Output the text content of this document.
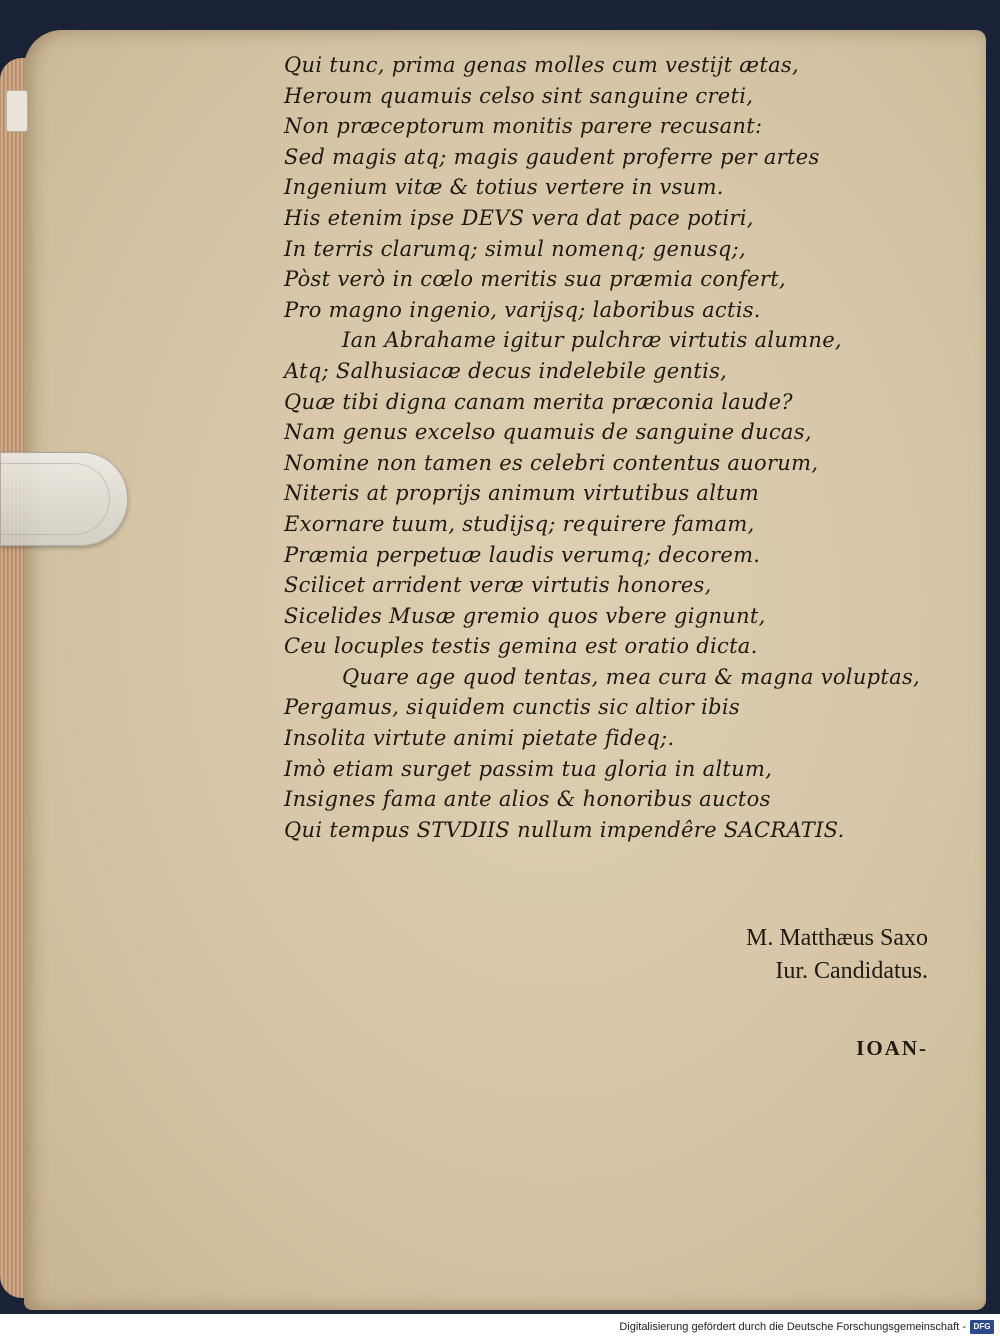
Qui tunc, prima genas molles cum vestijt ætas,
Heroum quamuis celso sint sanguine creti,
Non præceptorum monitis parere recusant:
Sed magis atq; magis gaudent proferre per artes
Ingenium vitæ & totius vertere in vsum.
His etenim ipse DEVS vera dat pace potiri,
In terris clarumq; simul nomenq; genusq;,
Pòst verò in cœlo meritis sua præmia confert,
Pro magno ingenio, varijsq; laboribus actis.
Ian Abrahame igitur pulchræ virtutis alumne,
Atq; Salhusiacæ decus indelebile gentis,
Quæ tibi digna canam merita præconia laude?
Nam genus excelso quamuis de sanguine ducas,
Nomine non tamen es celebri contentus auorum,
Niteris at proprijs animum virtutibus altum
Exornare tuum, studijsq; requirere famam,
Præmia perpetuæ laudis verumq; decorem.
Scilicet arrident veræ virtutis honores,
Sicelides Musæ gremio quos vbere gignunt,
Ceu locuples testis gemina est oratio dicta.
Quare age quod tentas, mea cura & magna voluptas,
Pergamus, siquidem cunctis sic altior ibis
Insolita virtute animi pietate fideq;.
Imò etiam surget passim tua gloria in altum,
Insignes fama ante alios & honoribus auctos
Qui tempus STVDIIS nullum impendêre SACRATIS.
M. Matthæus Saxo
Iur. Candidatus.
IOAN-
Digitalisierung gefördert durch die Deutsche Forschungsgemeinschaft - DFG
